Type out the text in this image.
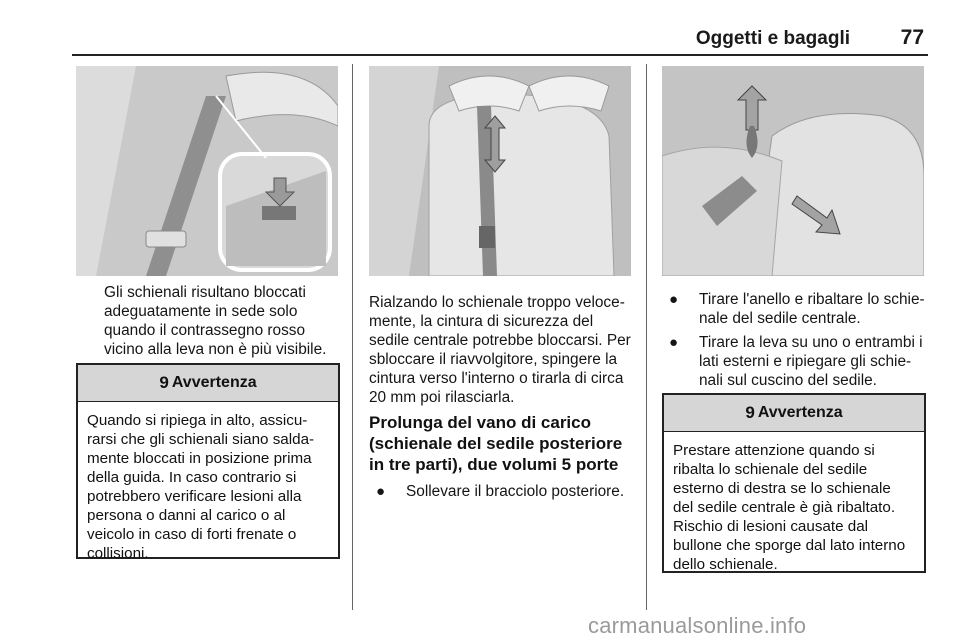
Oggetti e bagagli 77

Gli schienali risultano bloccati adeguatamente in sede solo quando il contrassegno rosso vicino alla leva non è più visibile.

9 Avvertenza
Quando si ripiega in alto, assicurarsi che gli schienali siano saldamente bloccati in posizione prima della guida. In caso contrario si potrebbero verificare lesioni alla persona o danni al carico o al veicolo in caso di forti frenate o collisioni.

Rialzando lo schienale troppo velocemente, la cintura di sicurezza del sedile centrale potrebbe bloccarsi. Per sbloccare il riavvolgitore, spingere la cintura verso l'interno o tirarla di circa 20 mm poi rilasciarla.

Prolunga del vano di carico (schienale del sedile posteriore in tre parti), due volumi 5 porte
● Sollevare il bracciolo posteriore.
● Tirare l'anello e ribaltare lo schienale del sedile centrale.
● Tirare la leva su uno o entrambi i lati esterni e ripiegare gli schienali sul cuscino del sedile.
9 Avvertenza
Prestare attenzione quando si ribalta lo schienale del sedile esterno di destra se lo schienale del sedile centrale è già ribaltato. Rischio di lesioni causate dal bullone che sporge dal lato interno dello schienale.
carmanualsonline.info
